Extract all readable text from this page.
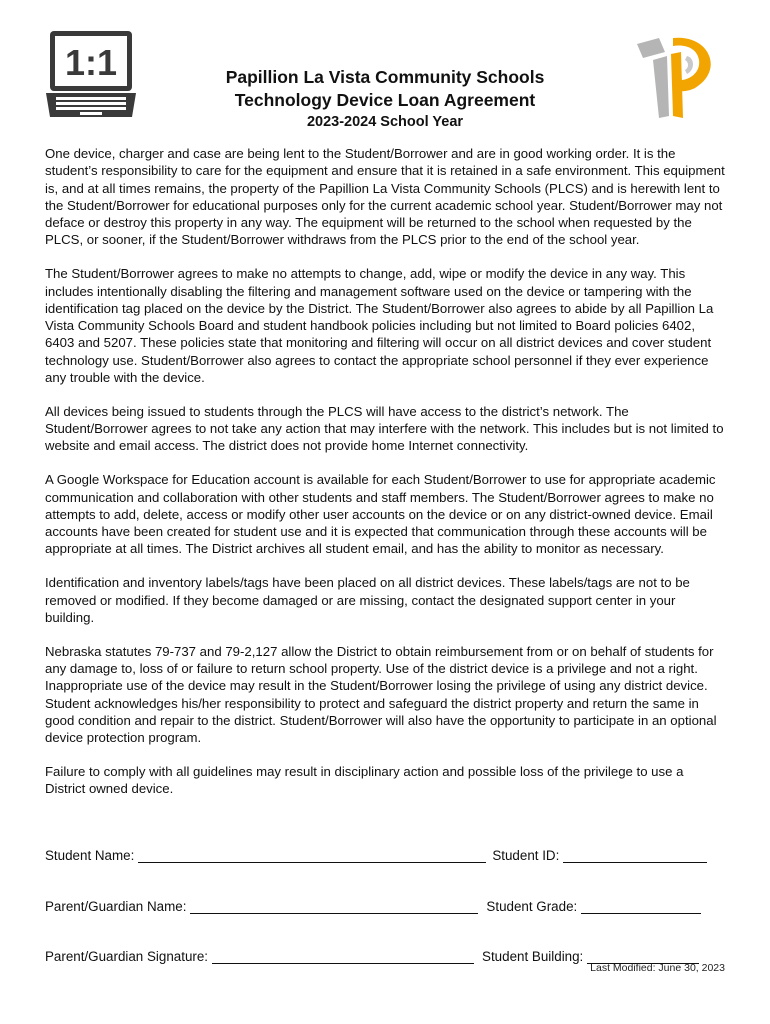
1:1	Papillion La Vista Community Schools
Technology Device Loan Agreement
2023-2024 School Year

One device, charger and case are being lent to the Student/Borrower and are in good working order. It is the student’s responsibility to care for the equipment and ensure that it is retained in a safe environment. This equipment is, and at all times remains, the property of the Papillion La Vista Community Schools (PLCS) and is herewith lent to the Student/Borrower for educational purposes only for the current academic school year. Student/Borrower may not deface or destroy this property in any way. The equipment will be returned to the school when requested by the PLCS, or sooner, if the Student/Borrower withdraws from the PLCS prior to the end of the school year.

The Student/Borrower agrees to make no attempts to change, add, wipe or modify the device in any way. This includes intentionally disabling the filtering and management software used on the device or tampering with the identification tag placed on the device by the District. The Student/Borrower also agrees to abide by all Papillion La Vista Community Schools Board and student handbook policies including but not limited to Board policies 6402, 6403 and 5207. These policies state that monitoring and filtering will occur on all district devices and cover student technology use. Student/Borrower also agrees to contact the appropriate school personnel if they ever experience any trouble with the device.

All devices being issued to students through the PLCS will have access to the district’s network. The Student/Borrower agrees to not take any action that may interfere with the network. This includes but is not limited to website and email access. The district does not provide home Internet connectivity.

A Google Workspace for Education account is available for each Student/Borrower to use for appropriate academic communication and collaboration with other students and staff members. The Student/Borrower agrees to make no attempts to add, delete, access or modify other user accounts on the device or on any district-owned device. Email accounts have been created for student use and it is expected that communication through these accounts will be appropriate at all times. The District archives all student email, and has the ability to monitor as necessary.

Identification and inventory labels/tags have been placed on all district devices. These labels/tags are not to be removed or modified. If they become damaged or are missing, contact the designated support center in your building.

Nebraska statutes 79-737 and 79-2,127 allow the District to obtain reimbursement from or on behalf of students for any damage to, loss of or failure to return school property. Use of the district device is a privilege and not a right. Inappropriate use of the device may result in the Student/Borrower losing the privilege of using any district device. Student acknowledges his/her responsibility to protect and safeguard the district property and return the same in good condition and repair to the district. Student/Borrower will also have the opportunity to participate in an optional device protection program.

Failure to comply with all guidelines may result in disciplinary action and possible loss of the privilege to use a District owned device.

Student Name:	Student ID:
Parent/Guardian Name:	Student Grade:
Parent/Guardian Signature:	Student Building:
Last Modified: June 30, 2023
